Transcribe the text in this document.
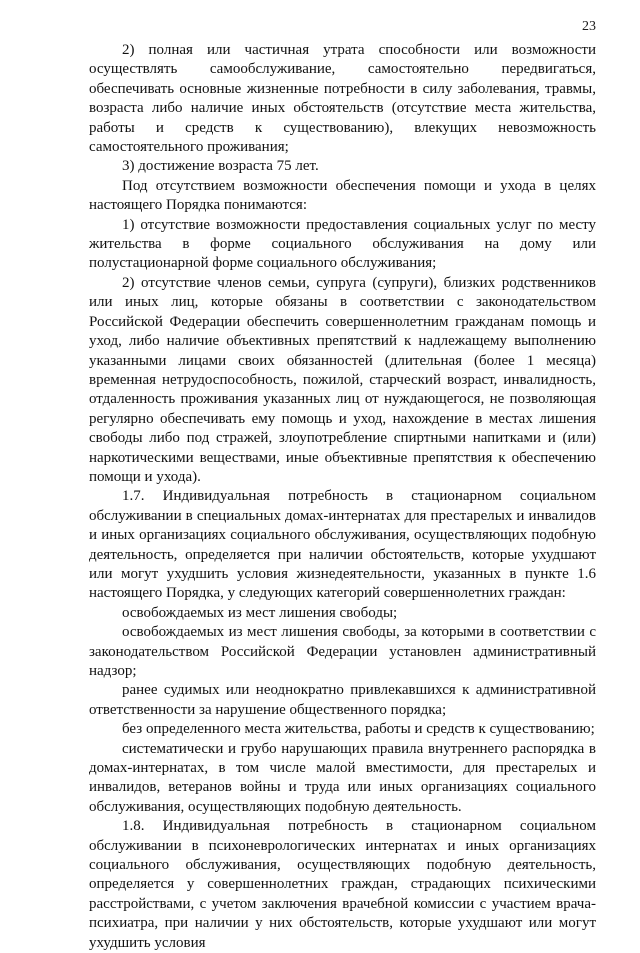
23

2) полная или частичная утрата способности или возможности осуществлять самообслуживание, самостоятельно передвигаться, обеспечивать основные жизненные потребности в силу заболевания, травмы, возраста либо наличие иных обстоятельств (отсутствие места жительства, работы и средств к существованию), влекущих невозможность самостоятельного проживания;

3) достижение возраста 75 лет.

Под отсутствием возможности обеспечения помощи и ухода в целях настоящего Порядка понимаются:

1) отсутствие возможности предоставления социальных услуг по месту жительства в форме социального обслуживания на дому или полустационарной форме социального обслуживания;

2) отсутствие членов семьи, супруга (супруги), близких родственников или иных лиц, которые обязаны в соответствии с законодательством Российской Федерации обеспечить совершеннолетним гражданам помощь и уход, либо наличие объективных препятствий к надлежащему выполнению указанными лицами своих обязанностей (длительная (более 1 месяца) временная нетрудоспособность, пожилой, старческий возраст, инвалидность, отдаленность проживания указанных лиц от нуждающегося, не позволяющая регулярно обеспечивать ему помощь и уход, нахождение в местах лишения свободы либо под стражей, злоупотребление спиртными напитками и (или) наркотическими веществами, иные объективные препятствия к обеспечению помощи и ухода).

1.7. Индивидуальная потребность в стационарном социальном обслуживании в специальных домах-интернатах для престарелых и инвалидов и иных организациях социального обслуживания, осуществляющих подобную деятельность, определяется при наличии обстоятельств, которые ухудшают или могут ухудшить условия жизнедеятельности, указанных в пункте 1.6 настоящего Порядка, у следующих категорий совершеннолетних граждан:

освобождаемых из мест лишения свободы;

освобождаемых из мест лишения свободы, за которыми в соответствии с законодательством Российской Федерации установлен административный надзор;

ранее судимых или неоднократно привлекавшихся к административной ответственности за нарушение общественного порядка;

без определенного места жительства, работы и средств к существованию;

систематически и грубо нарушающих правила внутреннего распорядка в домах-интернатах, в том числе малой вместимости, для престарелых и инвалидов, ветеранов войны и труда или иных организациях социального обслуживания, осуществляющих подобную деятельность.

1.8. Индивидуальная потребность в стационарном социальном обслуживании в психоневрологических интернатах и иных организациях социального обслуживания, осуществляющих подобную деятельность, определяется у совершеннолетних граждан, страдающих психическими расстройствами, с учетом заключения врачебной комиссии с участием врача-психиатра, при наличии у них обстоятельств, которые ухудшают или могут ухудшить условия
